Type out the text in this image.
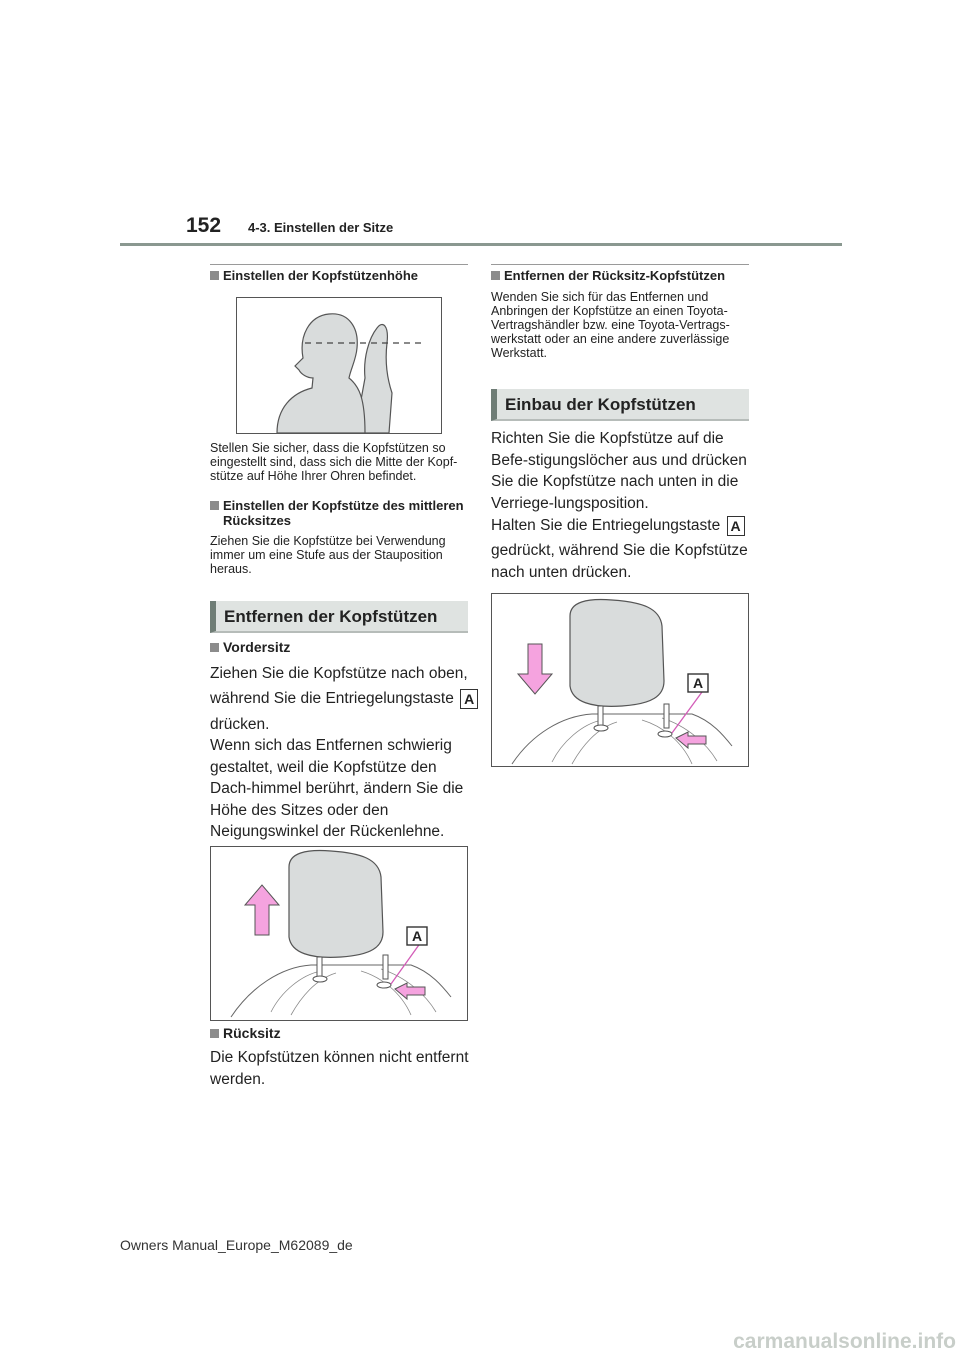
152 4-3. Einstellen der Sitze
Einstellen der Kopfstützenhöhe
Stellen Sie sicher, dass die Kopfstützen so eingestellt sind, dass sich die Mitte der Kopf-stütze auf Höhe Ihrer Ohren befindet.
Einstellen der Kopfstütze des mittleren Rücksitzes
Ziehen Sie die Kopfstütze bei Verwendung immer um eine Stufe aus der Stauposition heraus.
Entfernen der Kopfstützen
Vordersitz
Ziehen Sie die Kopfstütze nach oben,
während Sie die Entriegelungstaste A
drücken.
Wenn sich das Entfernen schwierig gestaltet, weil die Kopfstütze den Dach-himmel berührt, ändern Sie die Höhe des Sitzes oder den Neigungswinkel der Rückenlehne.
A
Rücksitz
Die Kopfstützen können nicht entfernt werden.
Entfernen der Rücksitz-Kopfstützen
Wenden Sie sich für das Entfernen und Anbringen der Kopfstütze an einen Toyota-Vertragshändler bzw. eine Toyota-Vertrags-werkstatt oder an eine andere zuverlässige Werkstatt.
Einbau der Kopfstützen
Richten Sie die Kopfstütze auf die Befe-stigungslöcher aus und drücken Sie die Kopfstütze nach unten in die Verriege-lungsposition.
Halten Sie die Entriegelungstaste A
gedrückt, während Sie die Kopfstütze nach unten drücken.
A
Owners Manual_Europe_M62089_de
carmanualsonline.info
